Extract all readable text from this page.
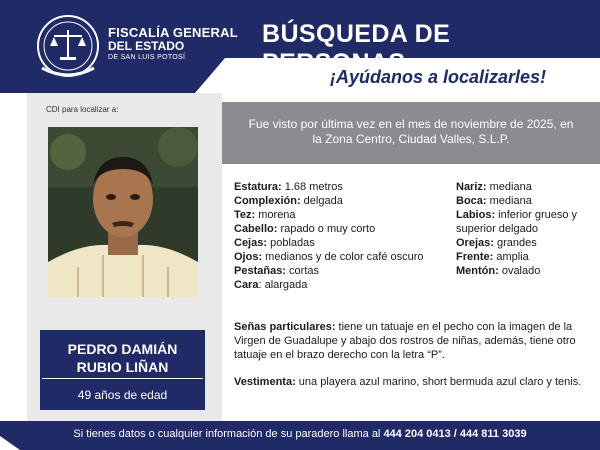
FISCALÍA GENERAL
DEL ESTADO
DE SAN LUIS POTOSÍ
BÚSQUEDA DE PERSONAS
¡Ayúdanos a localizarles!
CDI para localizar a:
PEDRO DAMIÁN
RUBIO LIÑAN
49 años de edad
Fue visto por última vez en el mes de noviembre de 2025, en la Zona Centro, Ciudad Valles, S.L.P.
Estatura: 1.68 metros
Complexión: delgada
Tez: morena
Cabello: rapado o muy corto
Cejas: pobladas
Ojos: medianos y de color café oscuro
Pestañas: cortas
Cara: alargada
Nariz: mediana
Boca: mediana
Labios: inferior grueso y superior delgado
Orejas: grandes
Frente: amplia
Mentón: ovalado
Señas particulares: tiene un tatuaje en el pecho con la imagen de la Virgen de Guadalupe y abajo dos rostros de niñas, además, tiene otro tatuaje en el brazo derecho con la letra “P”.
Vestimenta: una playera azul marino, short bermuda azul claro y tenis.
Si tienes datos o cualquier información de su paradero llama al 444 204 0413 / 444 811 3039
